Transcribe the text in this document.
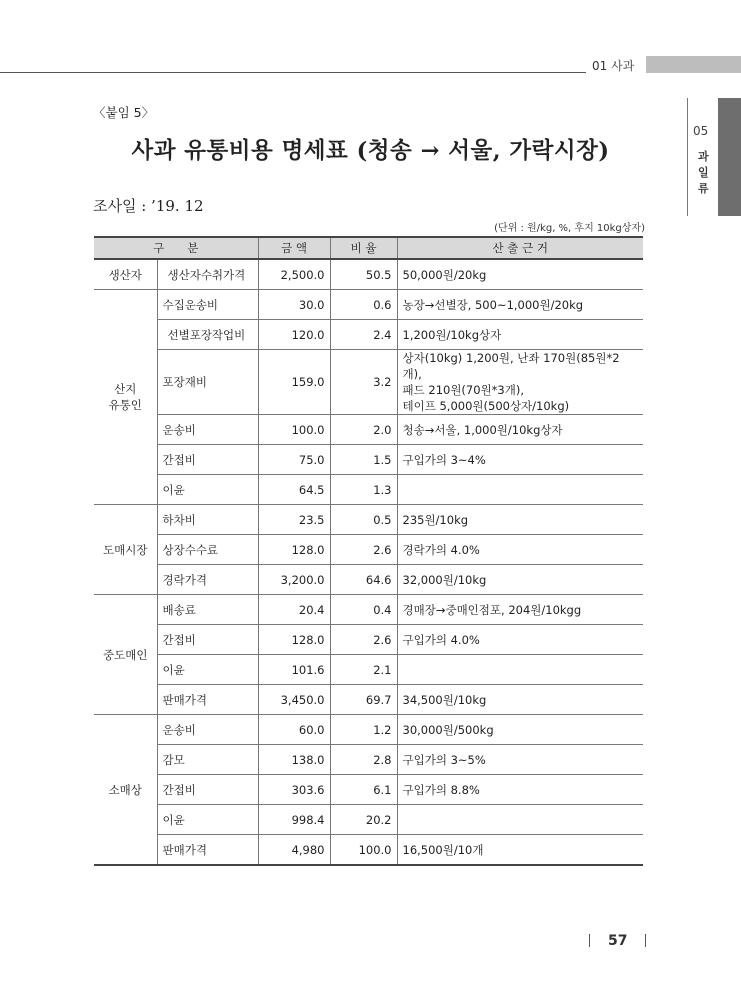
01 사과
05
과
일
류
〈붙임 5〉
사과 유통비용 명세표 (청송 → 서울, 가락시장)
조사일 : ’19. 12
(단위 : 원/kg, %, 후지 10kg상자)
구　　분		금 액	비 율	산 출 근 거
생산자	생산자수취가격	2,500.0	50.5	50,000원/20kg
산지
유통인	수집운송비	30.0	0.6	농장→선별장, 500~1,000원/20kg
	선별포장작업비	120.0	2.4	1,200원/10kg상자
	포장재비	159.0	3.2	상자(10kg) 1,200원, 난좌 170원(85원*2개),
패드 210원(70원*3개),
테이프 5,000원(500상자/10kg)
	운송비	100.0	2.0	청송→서울, 1,000원/10kg상자
	간접비	75.0	1.5	구입가의 3~4%
	이윤	64.5	1.3	
도매시장	하차비	23.5	0.5	235원/10kg
	상장수수료	128.0	2.6	경락가의 4.0%
	경락가격	3,200.0	64.6	32,000원/10kg
중도매인	배송료	20.4	0.4	경매장→중매인점포, 204원/10kgg
	간접비	128.0	2.6	구입가의 4.0%
	이윤	101.6	2.1	
	판매가격	3,450.0	69.7	34,500원/10kg
소매상	운송비	60.0	1.2	30,000원/500kg
	감모	138.0	2.8	구입가의 3~5%
	간접비	303.6	6.1	구입가의 8.8%
	이윤	998.4	20.2	
	판매가격	4,980	100.0	16,500원/10개
57
